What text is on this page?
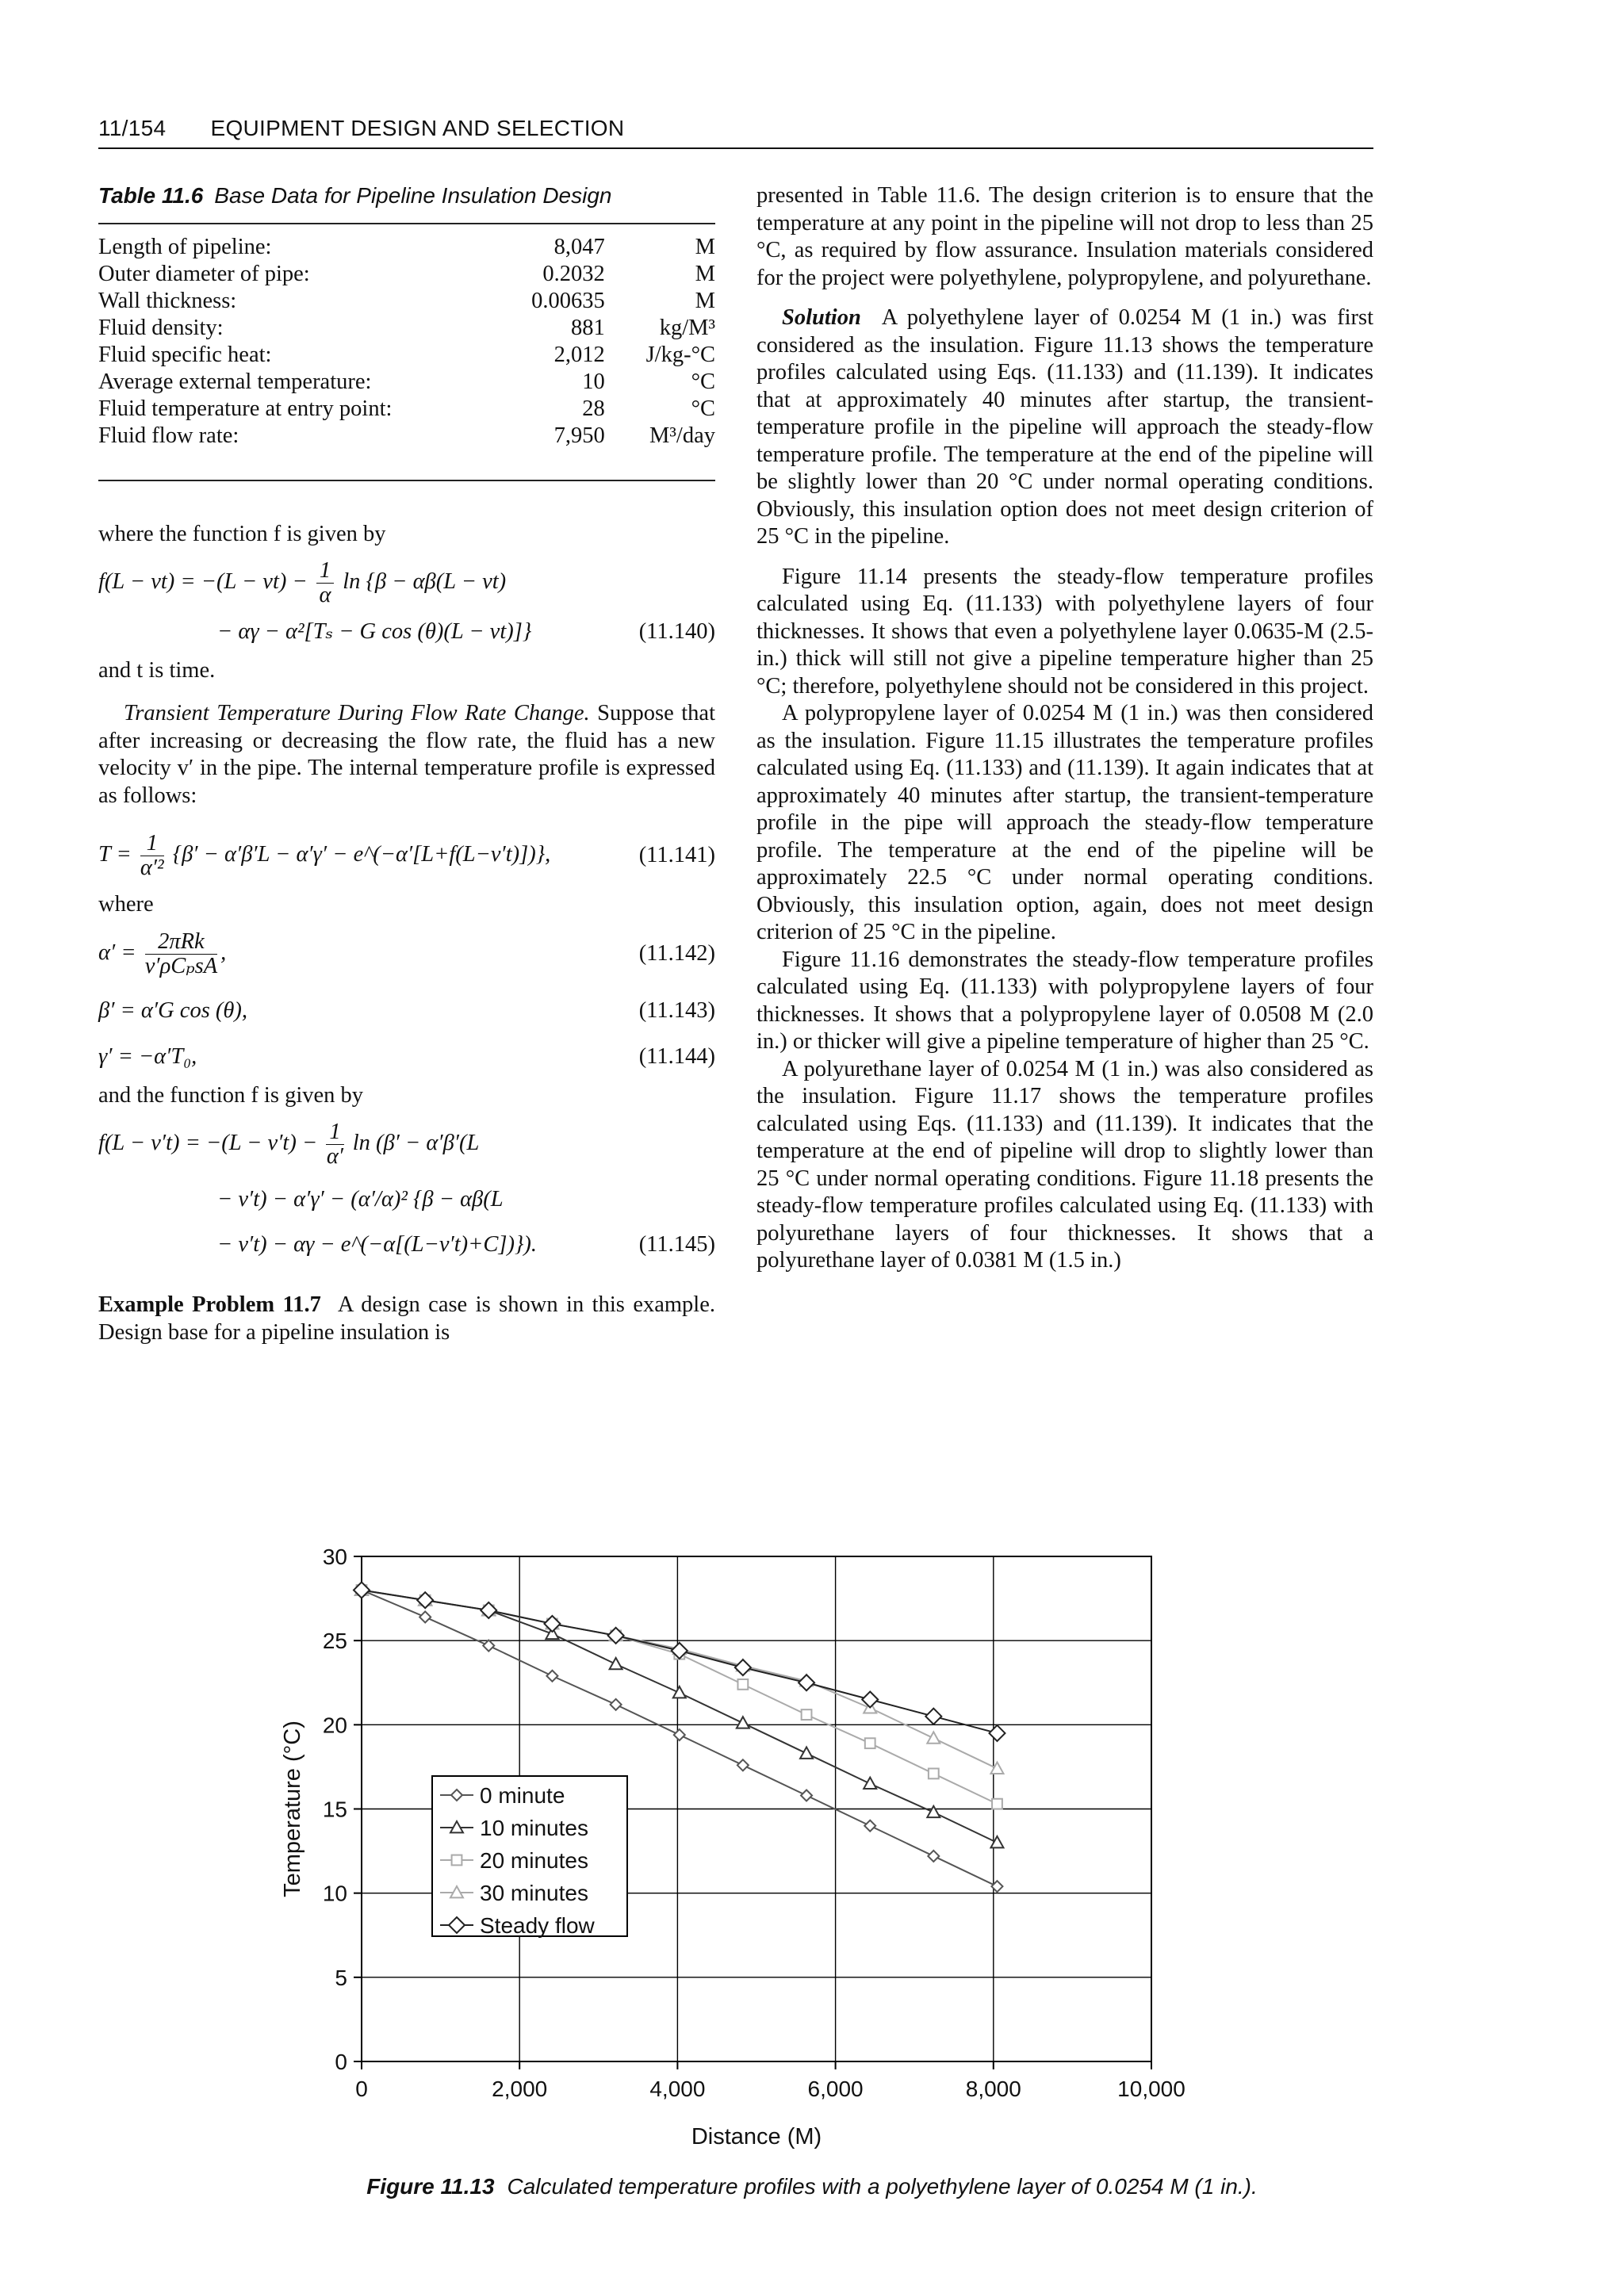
11/154 EQUIPMENT DESIGN AND SELECTION
Table 11.6 Base Data for Pipeline Insulation Design
Length of pipeline:	8,047	M
Outer diameter of pipe:	0.2032	M
Wall thickness:	0.00635	M
Fluid density:	881	kg/M³
Fluid specific heat:	2,012	J/kg-°C
Average external temperature:	10	°C
Fluid temperature at entry point:	28	°C
Fluid flow rate:	7,950	M³/day

where the function f is given by

$f(L - vt) = -(L - vt) - \frac{1}{\alpha}$ ln {β − αβ(L − vt)
− αγ − α²[Tₛ − G cos (θ)(L − vt)]}	(11.140)

and t is time.

Transient Temperature During Flow Rate Change. Suppose that after increasing or decreasing the flow rate, the fluid has a new velocity v′ in the pipe. The internal temperature profile is expressed as follows:

$T = \frac{1}{\text{α′²}} \{\beta' - \alpha'\beta'L - \alpha'\gamma'$ − e^(−α′[L+f(L−v′t)])},	(11.141)

where

$\alpha' = \frac{\text{2πRk}}{\text{v′ρCₚsA}}$ ,	(11.142)
β′ = α′G cos (θ),	(11.143)
γ′ = −α′T₀,	(11.144)

and the function f is given by

$f(L - v't) = -(L - v't) - \frac{1}{\alpha'}$ ln (β′ − α′β′(L
− v′t) − α′γ′ − (α′/α)² {β − αβ(L
− v′t) − αγ − e^(−α[(L−v′t)+C])}).	(11.145)

Example Problem 11.7 A design case is shown in this example. Design base for a pipeline insulation is

presented in Table 11.6. The design criterion is to ensure that the temperature at any point in the pipeline will not drop to less than 25 °C, as required by flow assurance. Insulation materials considered for the project were polyethylene, polypropylene, and polyurethane.

Solution A polyethylene layer of 0.0254 M (1 in.) was first considered as the insulation. Figure 11.13 shows the temperature profiles calculated using Eqs. (11.133) and (11.139). It indicates that at approximately 40 minutes after startup, the transient-temperature profile in the pipeline will approach the steady-flow temperature profile. The temperature at the end of the pipeline will be slightly lower than 20 °C under normal operating conditions. Obviously, this insulation option does not meet design criterion of 25 °C in the pipeline.

Figure 11.14 presents the steady-flow temperature profiles calculated using Eq. (11.133) with polyethylene layers of four thicknesses. It shows that even a polyethylene layer 0.0635-M (2.5-in.) thick will still not give a pipeline temperature higher than 25 °C; therefore, polyethylene should not be considered in this project.

A polypropylene layer of 0.0254 M (1 in.) was then considered as the insulation. Figure 11.15 illustrates the temperature profiles calculated using Eq. (11.133) and (11.139). It again indicates that at approximately 40 minutes after startup, the transient-temperature profile in the pipe will approach the steady-flow temperature profile. The temperature at the end of the pipeline will be approximately 22.5 °C under normal operating conditions. Obviously, this insulation option, again, does not meet design criterion of 25 °C in the pipeline.

Figure 11.16 demonstrates the steady-flow temperature profiles calculated using Eq. (11.133) with polypropylene layers of four thicknesses. It shows that a polypropylene layer of 0.0508 M (2.0 in.) or thicker will give a pipeline temperature of higher than 25 °C.

A polyurethane layer of 0.0254 M (1 in.) was also considered as the insulation. Figure 11.17 shows the temperature profiles calculated using Eqs. (11.133) and (11.139). It indicates that the temperature at the end of pipeline will drop to slightly lower than 25 °C under normal operating conditions. Figure 11.18 presents the steady-flow temperature profiles calculated using Eq. (11.133) with polyurethane layers of four thicknesses. It shows that a polyurethane layer of 0.0381 M (1.5 in.)

0	2,000	4,000	6,000	8,000	10,000
0
5
10
15
20
25
30
Distance (M)
Temperature (°C)	0 minute
10 minutes
20 minutes
30 minutes
Steady flow
Figure 11.13 Calculated temperature profiles with a polyethylene layer of 0.0254 M (1 in.).
